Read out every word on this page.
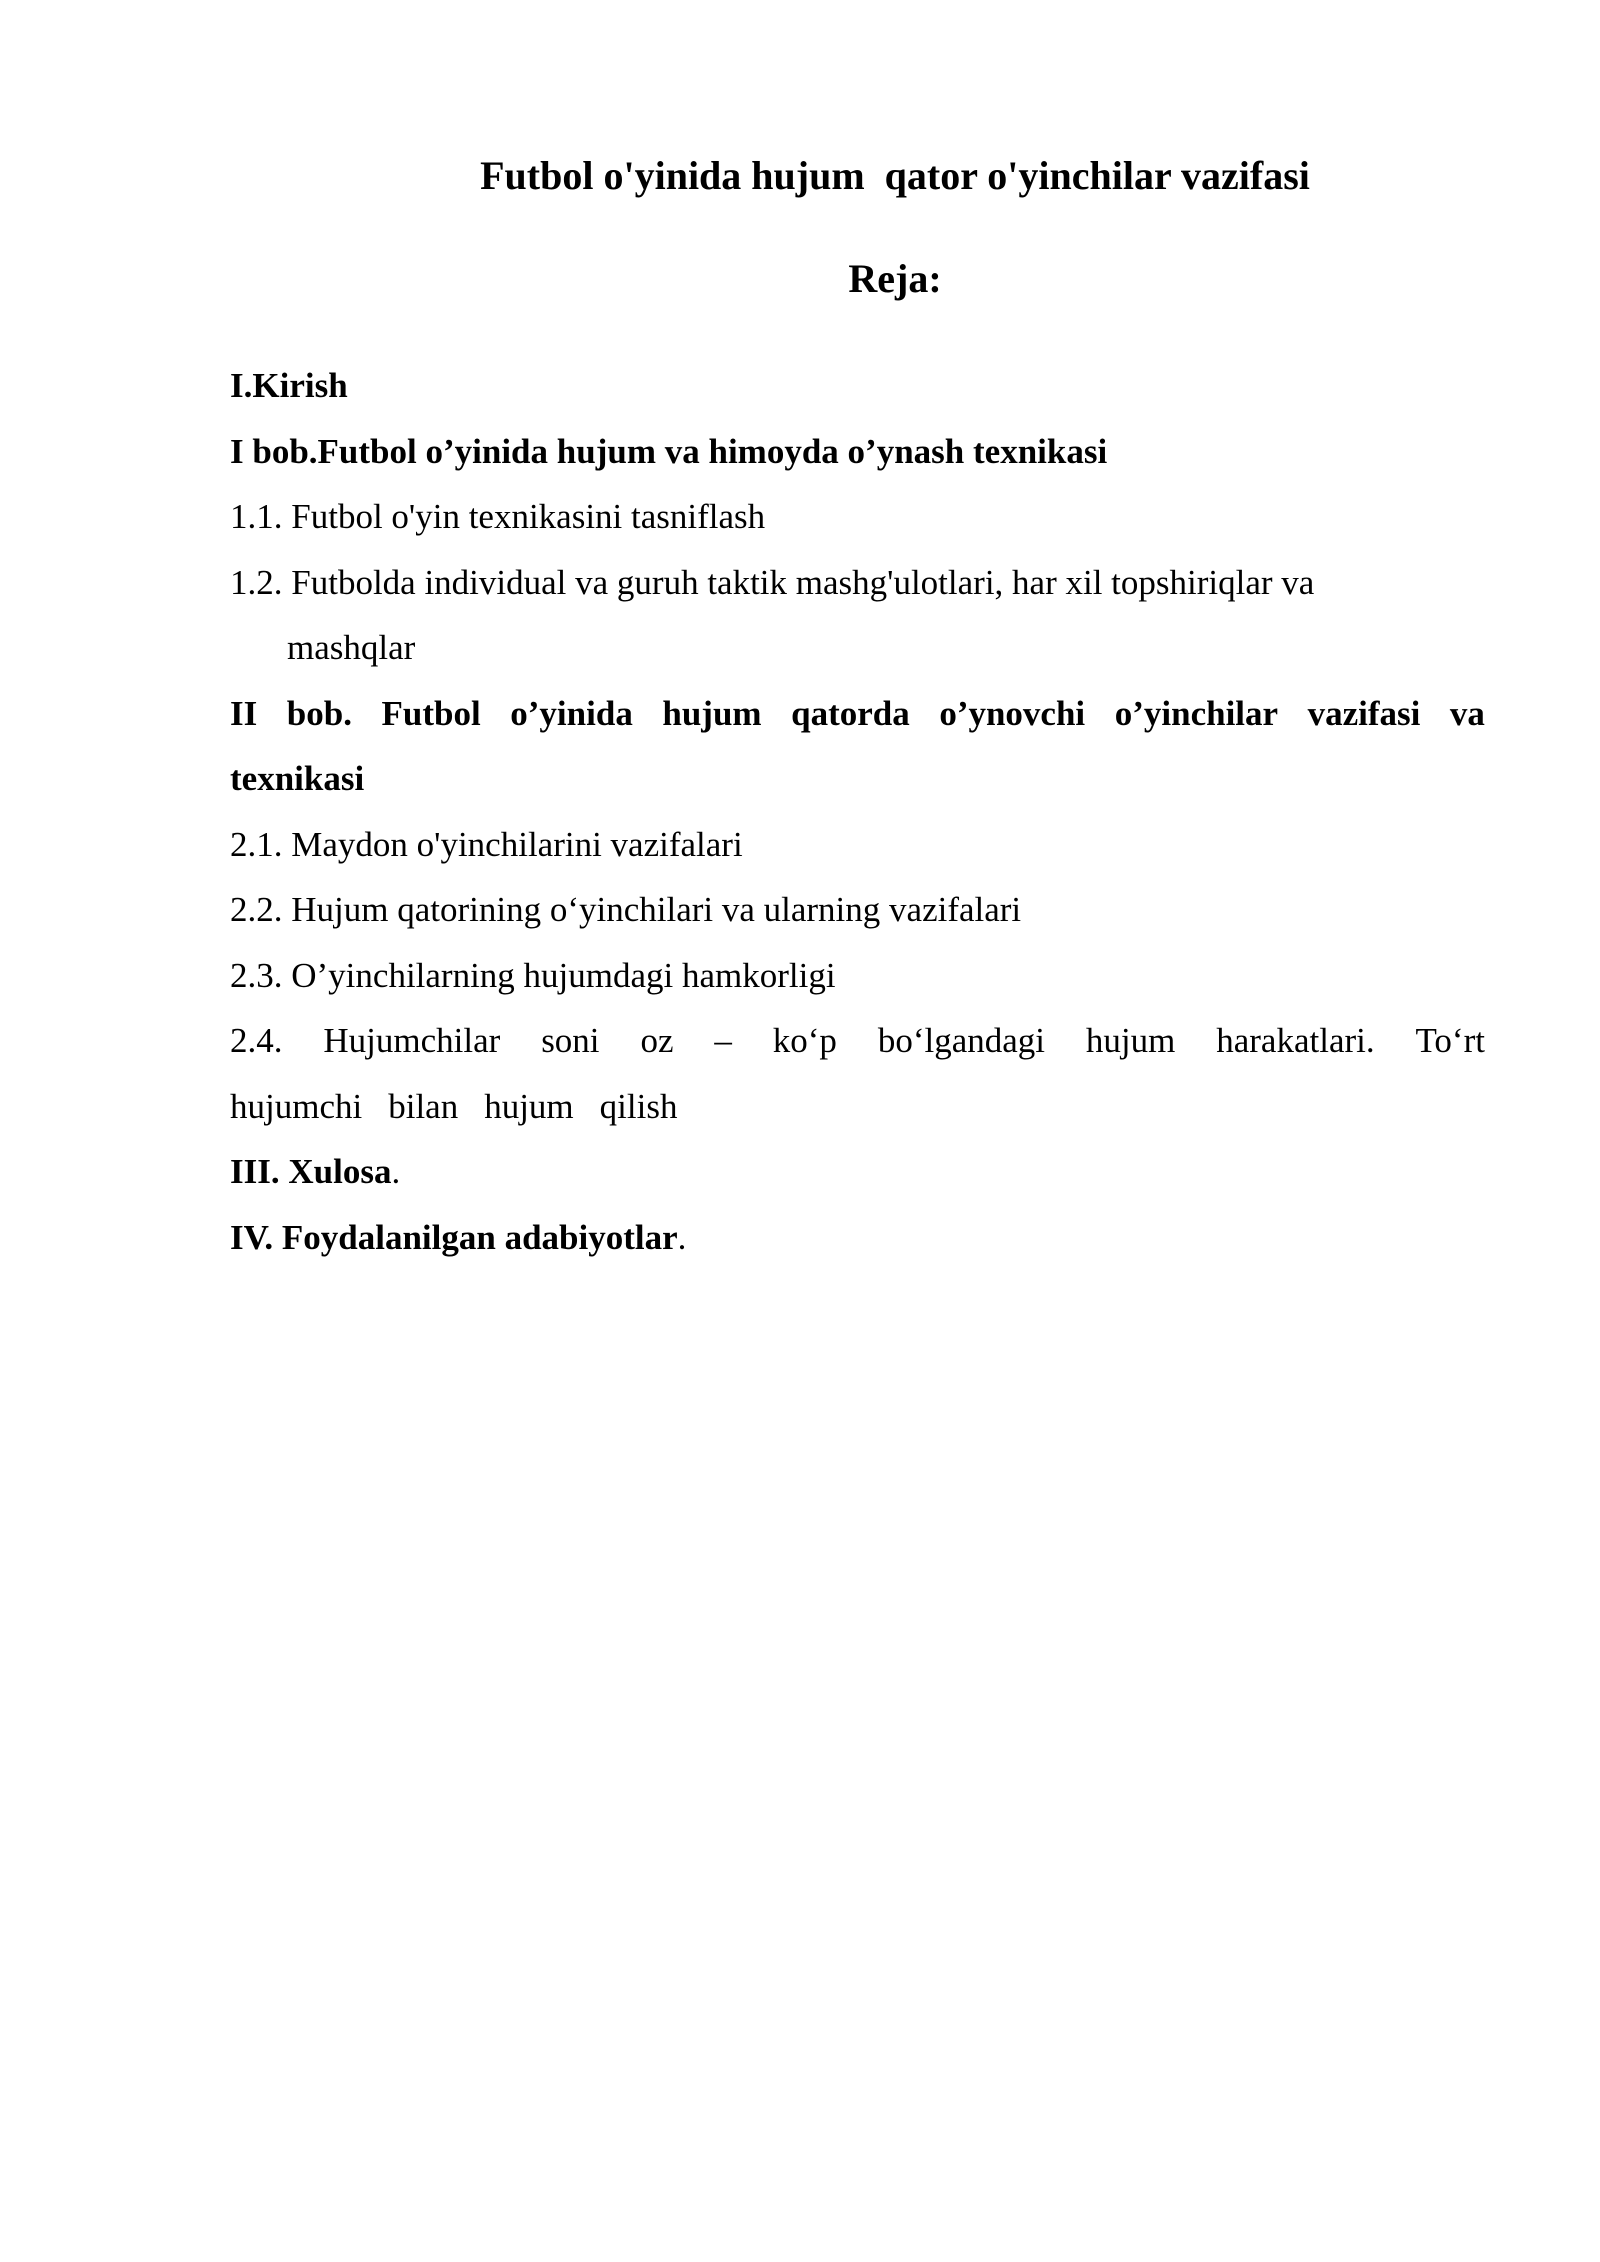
Futbol o'yinida hujum  qator o'yinchilar vazifasi
Reja:
I.Kirish
I bob.Futbol o’yinida hujum va himoyda o’ynash texnikasi
1.1. Futbol o'yin texnikasini tasniflash
1.2. Futbolda individual va guruh taktik mashg'ulotlari, har xil topshiriqlar va
mashqlar
II bob. Futbol o’yinida hujum qatorda o’ynovchi o’yinchilar vazifasi va
texnikasi
2.1. Maydon o'yinchilarini vazifalari
2.2. Hujum qatorining o‘yinchilari va ularning vazifalari
2.3. O’yinchilarning hujumdagi hamkorligi
2.4. Hujumchilar soni oz – ko‘p bo‘lgandagi hujum harakatlari. To‘rt
hujumchi bilan hujum qilish
III. Xulosa.
IV. Foydalanilgan adabiyotlar.
